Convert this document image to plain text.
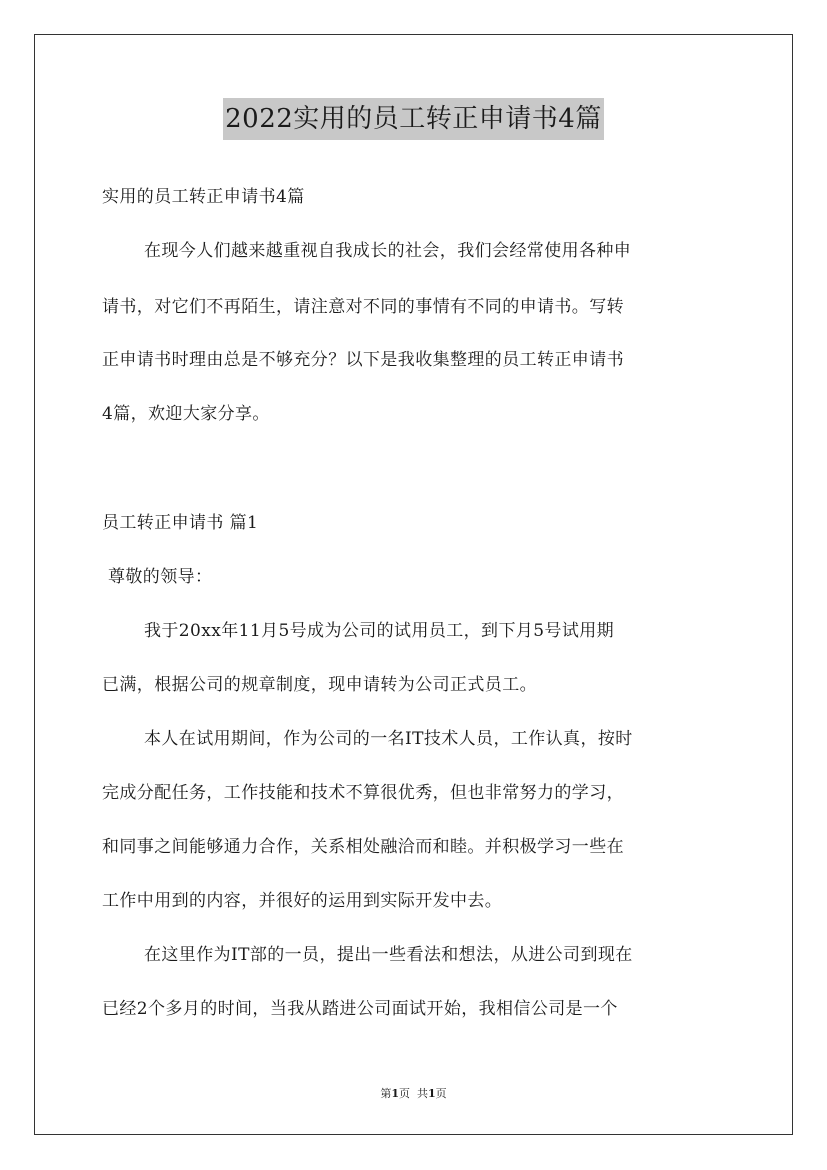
2022实用的员工转正申请书4篇
实用的员工转正申请书4篇
在现今人们越来越重视自我成长的社会，我们会经常使用各种申
请书，对它们不再陌生，请注意对不同的事情有不同的申请书。写转
正申请书时理由总是不够充分？以下是我收集整理的员工转正申请书
4篇，欢迎大家分享。
员工转正申请书 篇1
尊敬的领导：
我于20xx年11月5号成为公司的试用员工，到下月5号试用期
已满，根据公司的规章制度，现申请转为公司正式员工。
本人在试用期间，作为公司的一名IT技术人员，工作认真，按时
完成分配任务，工作技能和技术不算很优秀，但也非常努力的学习，
和同事之间能够通力合作，关系相处融洽而和睦。并积极学习一些在
工作中用到的内容，并很好的运用到实际开发中去。
在这里作为IT部的一员，提出一些看法和想法，从进公司到现在
已经2个多月的时间，当我从踏进公司面试开始，我相信公司是一个
第1页  共1页
